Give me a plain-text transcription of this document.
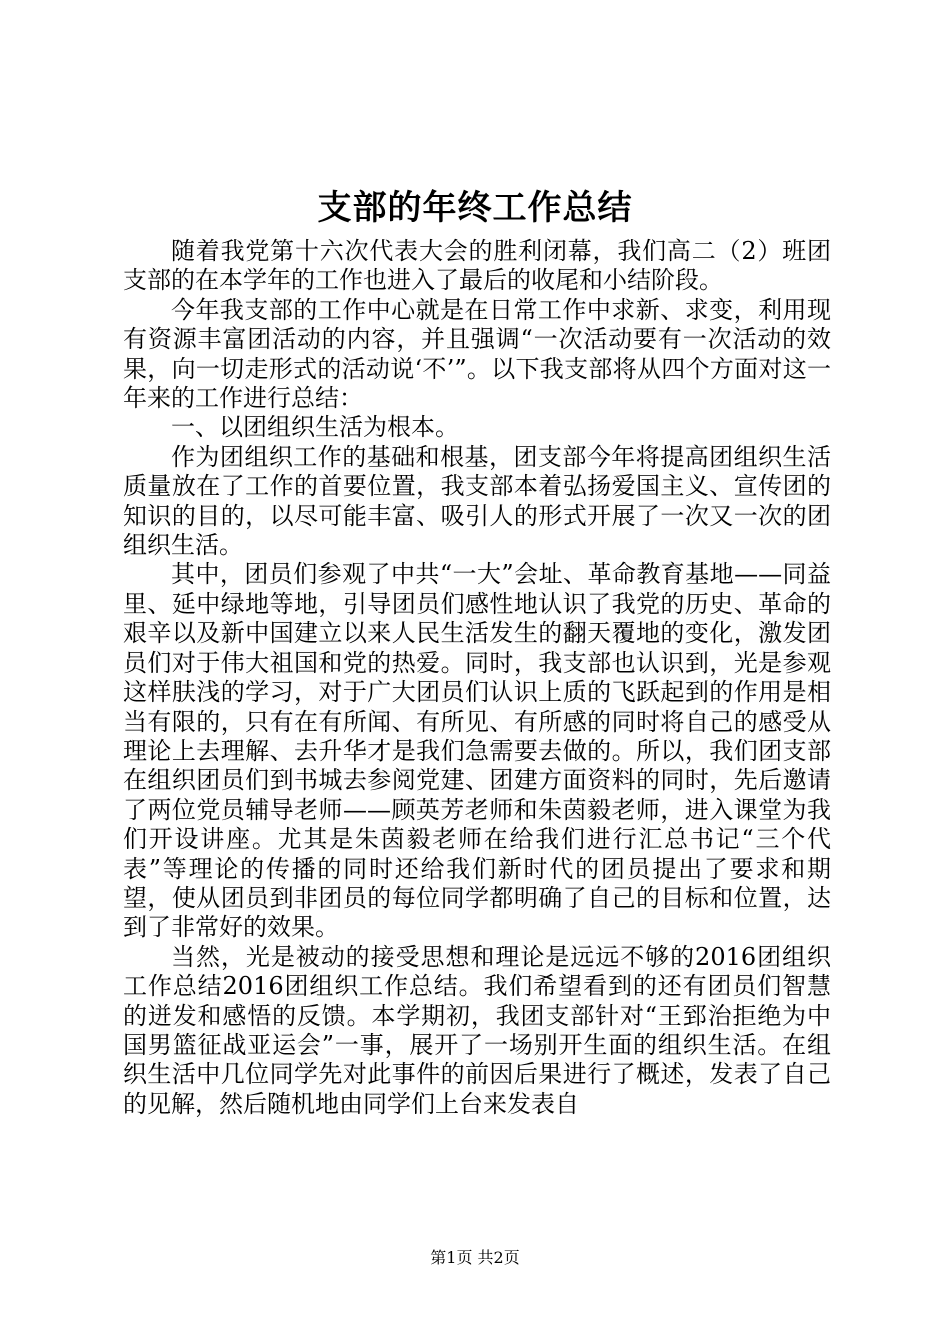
支部的年终工作总结

随着我党第十六次代表大会的胜利闭幕，我们高二（2）班团支部的在本学年的工作也进入了最后的收尾和小结阶段。

今年我支部的工作中心就是在日常工作中求新、求变，利用现有资源丰富团活动的内容，并且强调“一次活动要有一次活动的效果，向一切走形式的活动说‘不’”。以下我支部将从四个方面对这一年来的工作进行总结：

一、以团组织生活为根本。

作为团组织工作的基础和根基，团支部今年将提高团组织生活质量放在了工作的首要位置，我支部本着弘扬爱国主义、宣传团的知识的目的，以尽可能丰富、吸引人的形式开展了一次又一次的团组织生活。

其中，团员们参观了中共“一大”会址、革命教育基地——同益里、延中绿地等地，引导团员们感性地认识了我党的历史、革命的艰辛以及新中国建立以来人民生活发生的翻天覆地的变化，激发团员们对于伟大祖国和党的热爱。同时，我支部也认识到，光是参观这样肤浅的学习，对于广大团员们认识上质的飞跃起到的作用是相当有限的，只有在有所闻、有所见、有所感的同时将自己的感受从理论上去理解、去升华才是我们急需要去做的。所以，我们团支部在组织团员们到书城去参阅党建、团建方面资料的同时，先后邀请了两位党员辅导老师——顾英芳老师和朱茵毅老师，进入课堂为我们开设讲座。尤其是朱茵毅老师在给我们进行汇总书记“三个代表”等理论的传播的同时还给我们新时代的团员提出了要求和期望，使从团员到非团员的每位同学都明确了自己的目标和位置，达到了非常好的效果。

当然，光是被动的接受思想和理论是远远不够的2016团组织工作总结2016团组织工作总结。我们希望看到的还有团员们智慧的迸发和感悟的反馈。本学期初，我团支部针对“王郅治拒绝为中国男篮征战亚运会”一事，展开了一场别开生面的组织生活。在组织生活中几位同学先对此事件的前因后果进行了概述，发表了自己的见解，然后随机地由同学们上台来发表自

第1页 共2页
